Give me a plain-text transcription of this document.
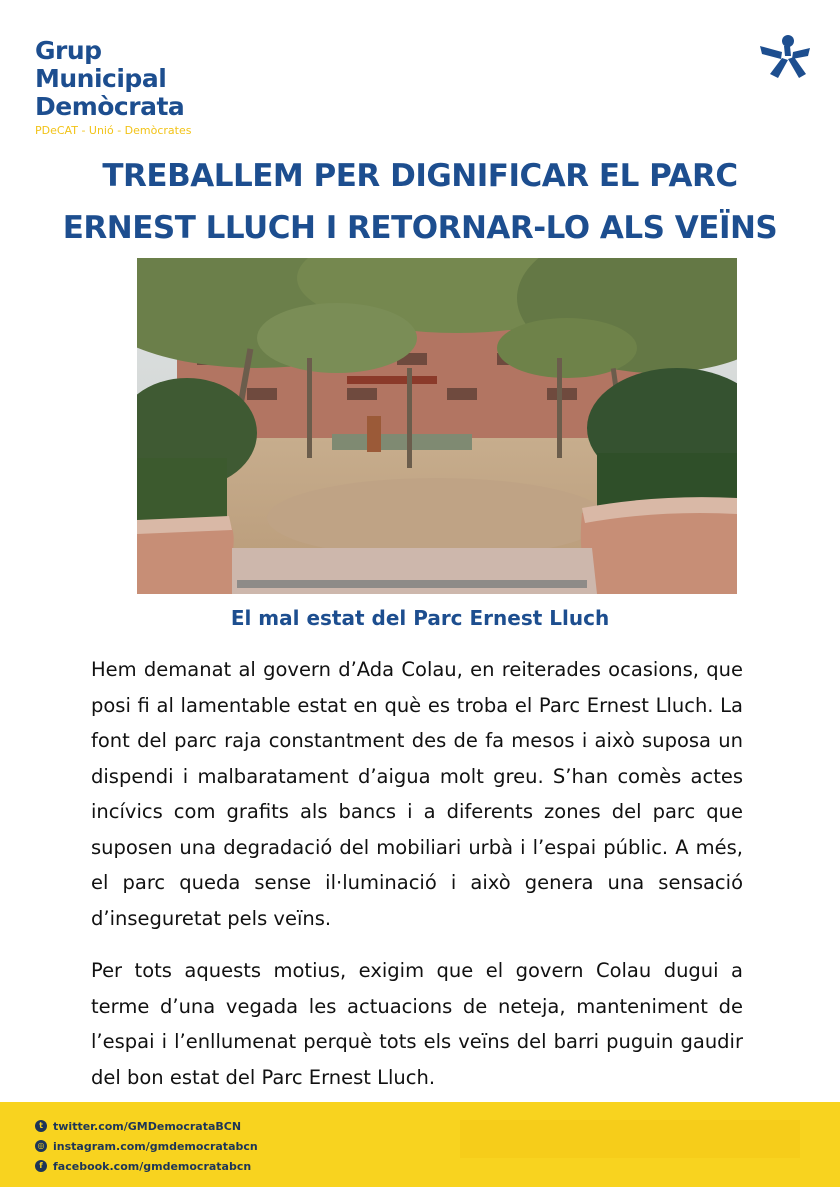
Grup
Municipal
Demòcrata
PDeCAT - Unió - Demòcrates
TREBALLEM PER DIGNIFICAR EL PARC
ERNEST LLUCH I RETORNAR-LO ALS VEÏNS
El mal estat del Parc Ernest Lluch

Hem demanat al govern d’Ada Colau, en reiterades ocasions, que posi fi al lamentable estat en què es troba el Parc Ernest Lluch. La font del parc raja constantment des de fa mesos i això suposa un dispendi i malbaratament d’aigua molt greu. S’han comès actes incívics com grafits als bancs i a diferents zones del parc que suposen una degradació del mobiliari urbà i l’espai públic. A més, el parc queda sense il·luminació i això genera una sensació d’inseguretat pels veïns.

Per tots aquests motius, exigim que el govern Colau dugui a terme d’una vegada les actuacions de neteja, manteniment de l’espai i l’enllumenat perquè tots els veïns del barri puguin gaudir del bon estat del Parc Ernest Lluch.

t twitter.com/GMDemocrataBCN
◎ instagram.com/gmdemocratabcn
f facebook.com/gmdemocratabcn
